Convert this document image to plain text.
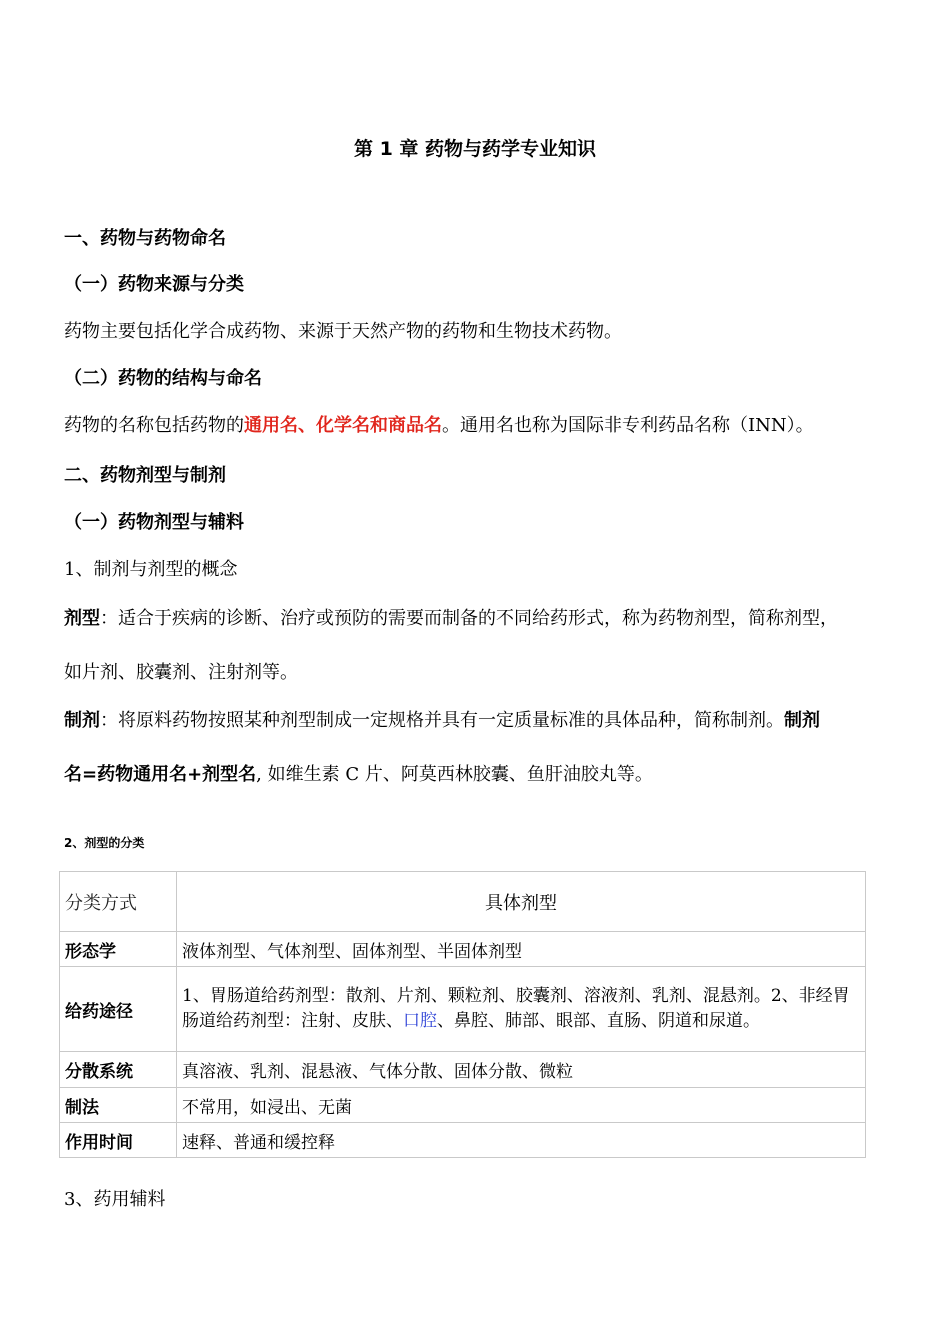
第 1 章 药物与药学专业知识
一、药物与药物命名
（一）药物来源与分类
药物主要包括化学合成药物、来源于天然产物的药物和生物技术药物。
（二）药物的结构与命名
药物的名称包括药物的通用名、化学名和商品名。通用名也称为国际非专利药品名称（INN）。
二、药物剂型与制剂
（一）药物剂型与辅料
1、制剂与剂型的概念
剂型：适合于疾病的诊断、治疗或预防的需要而制备的不同给药形式，称为药物剂型，简称剂型，
如片剂、胶囊剂、注射剂等。
制剂：将原料药物按照某种剂型制成一定规格并具有一定质量标准的具体品种，简称制剂。制剂
名=药物通用名+剂型名, 如维生素 C 片、阿莫西林胶囊、鱼肝油胶丸等。
2、剂型的分类
分类方式	具体剂型
形态学	液体剂型、气体剂型、固体剂型、半固体剂型
给药途径	1、胃肠道给药剂型：散剂、片剂、颗粒剂、胶囊剂、溶液剂、乳剂、混悬剂。2、非经胃肠道给药剂型：注射、皮肤、口腔、鼻腔、肺部、眼部、直肠、阴道和尿道。
分散系统	真溶液、乳剂、混悬液、气体分散、固体分散、微粒
制法	不常用，如浸出、无菌
作用时间	速释、普通和缓控释
3、药用辅料
